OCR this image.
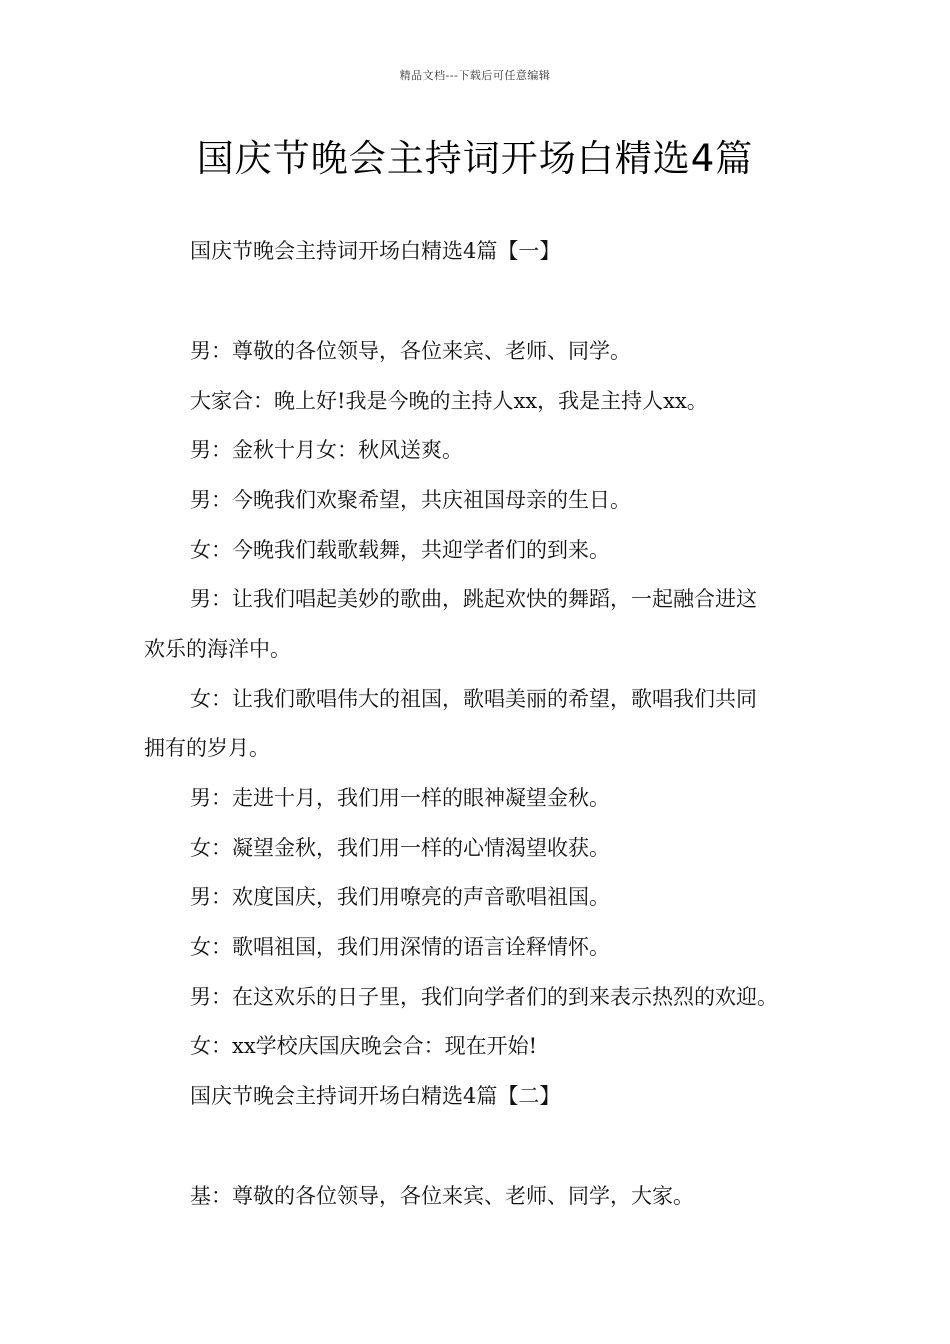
精品文档---下载后可任意编辑
国庆节晚会主持词开场白精选4篇

国庆节晚会主持词开场白精选4篇【一】

男：尊敬的各位领导，各位来宾、老师、同学。

大家合：晚上好!我是今晚的主持人xx，我是主持人xx。

男：金秋十月女：秋风送爽。

男：今晚我们欢聚希望，共庆祖国母亲的生日。

女：今晚我们载歌载舞，共迎学者们的到来。

男：让我们唱起美妙的歌曲，跳起欢快的舞蹈，一起融合进这

欢乐的海洋中。

女：让我们歌唱伟大的祖国，歌唱美丽的希望，歌唱我们共同

拥有的岁月。

男：走进十月，我们用一样的眼神凝望金秋。

女：凝望金秋，我们用一样的心情渴望收获。

男：欢度国庆，我们用嘹亮的声音歌唱祖国。

女：歌唱祖国，我们用深情的语言诠释情怀。

男：在这欢乐的日子里，我们向学者们的到来表示热烈的欢迎。

女：xx学校庆国庆晚会合：现在开始!

国庆节晚会主持词开场白精选4篇【二】

基：尊敬的各位领导，各位来宾、老师、同学，大家。
